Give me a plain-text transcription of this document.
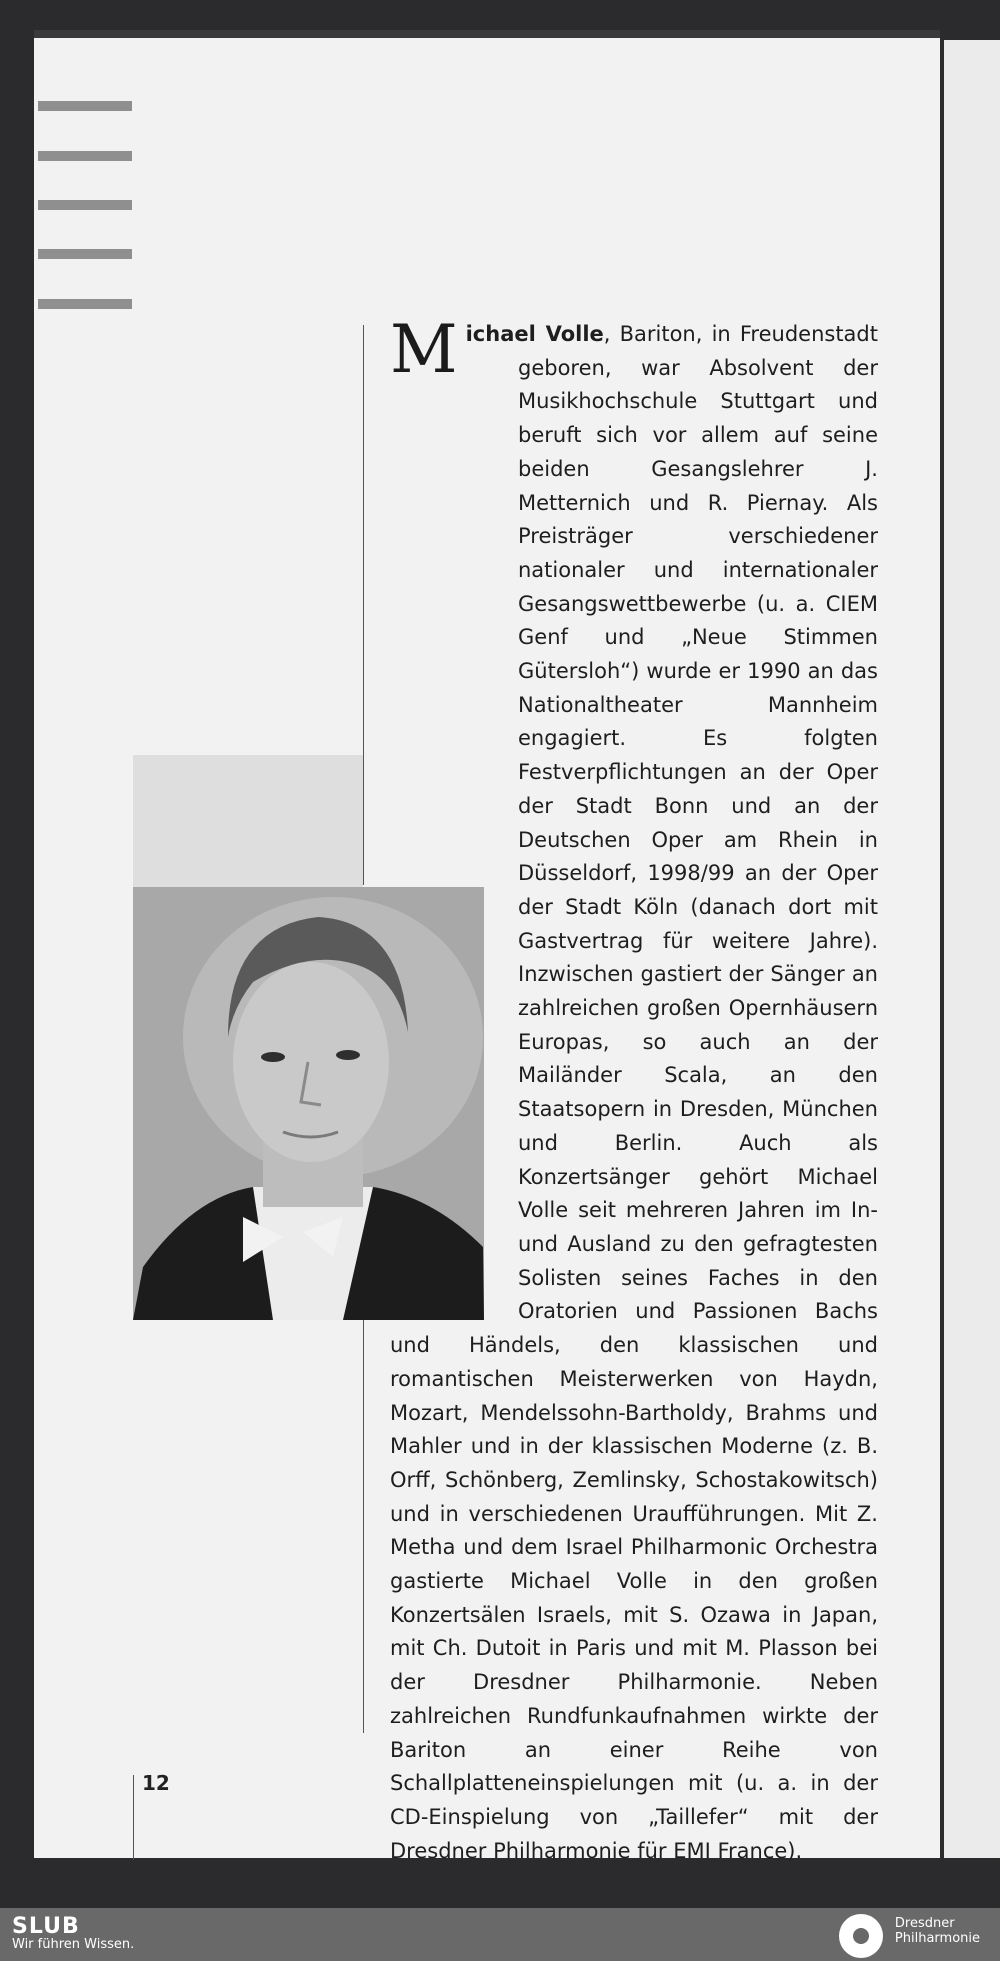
M ichael Volle, Bariton, in Freudenstadt geboren, war Absolvent der Musikhochschule Stuttgart und beruft sich vor allem auf seine beiden Gesangslehrer J. Metternich und R. Piernay. Als Preisträger verschiedener nationaler und internationaler Gesangswettbewerbe (u. a. CIEM Genf und „Neue Stimmen Gütersloh“) wurde er 1990 an das Nationaltheater Mannheim engagiert. Es folgten Festverpflichtungen an der Oper der Stadt Bonn und an der Deutschen Oper am Rhein in Düsseldorf, 1998/99 an der Oper der Stadt Köln (danach dort mit Gastvertrag für weitere Jahre). Inzwischen gastiert der Sänger an zahlreichen großen Opernhäusern Europas, so auch an der Mailänder Scala, an den Staatsopern in Dresden, München und Berlin. Auch als Konzertsänger gehört Michael Volle seit mehreren Jahren im In- und Ausland zu den gefragtesten Solisten seines Faches in den Oratorien und Passionen Bachs und Händels, den klassischen und romantischen Meisterwerken von Haydn, Mozart, Mendelssohn-Bartholdy, Brahms und Mahler und in der klassischen Moderne (z. B. Orff, Schönberg, Zemlinsky, Schostakowitsch) und in verschiedenen Uraufführungen. Mit Z. Metha und dem Israel Philharmonic Orchestra gastierte Michael Volle in den großen Konzertsälen Israels, mit S. Ozawa in Japan, mit Ch. Dutoit in Paris und mit M. Plasson bei der Dresdner Philharmonie. Neben zahlreichen Rundfunkaufnahmen wirkte der Bariton an einer Reihe von Schallplatteneinspielungen mit (u. a. in der CD-Einspielung von „Taillefer“ mit der Dresdner Philharmonie für EMI France).
12
SLUB
Wir führen Wissen.
Dresdner
Philharmonie
